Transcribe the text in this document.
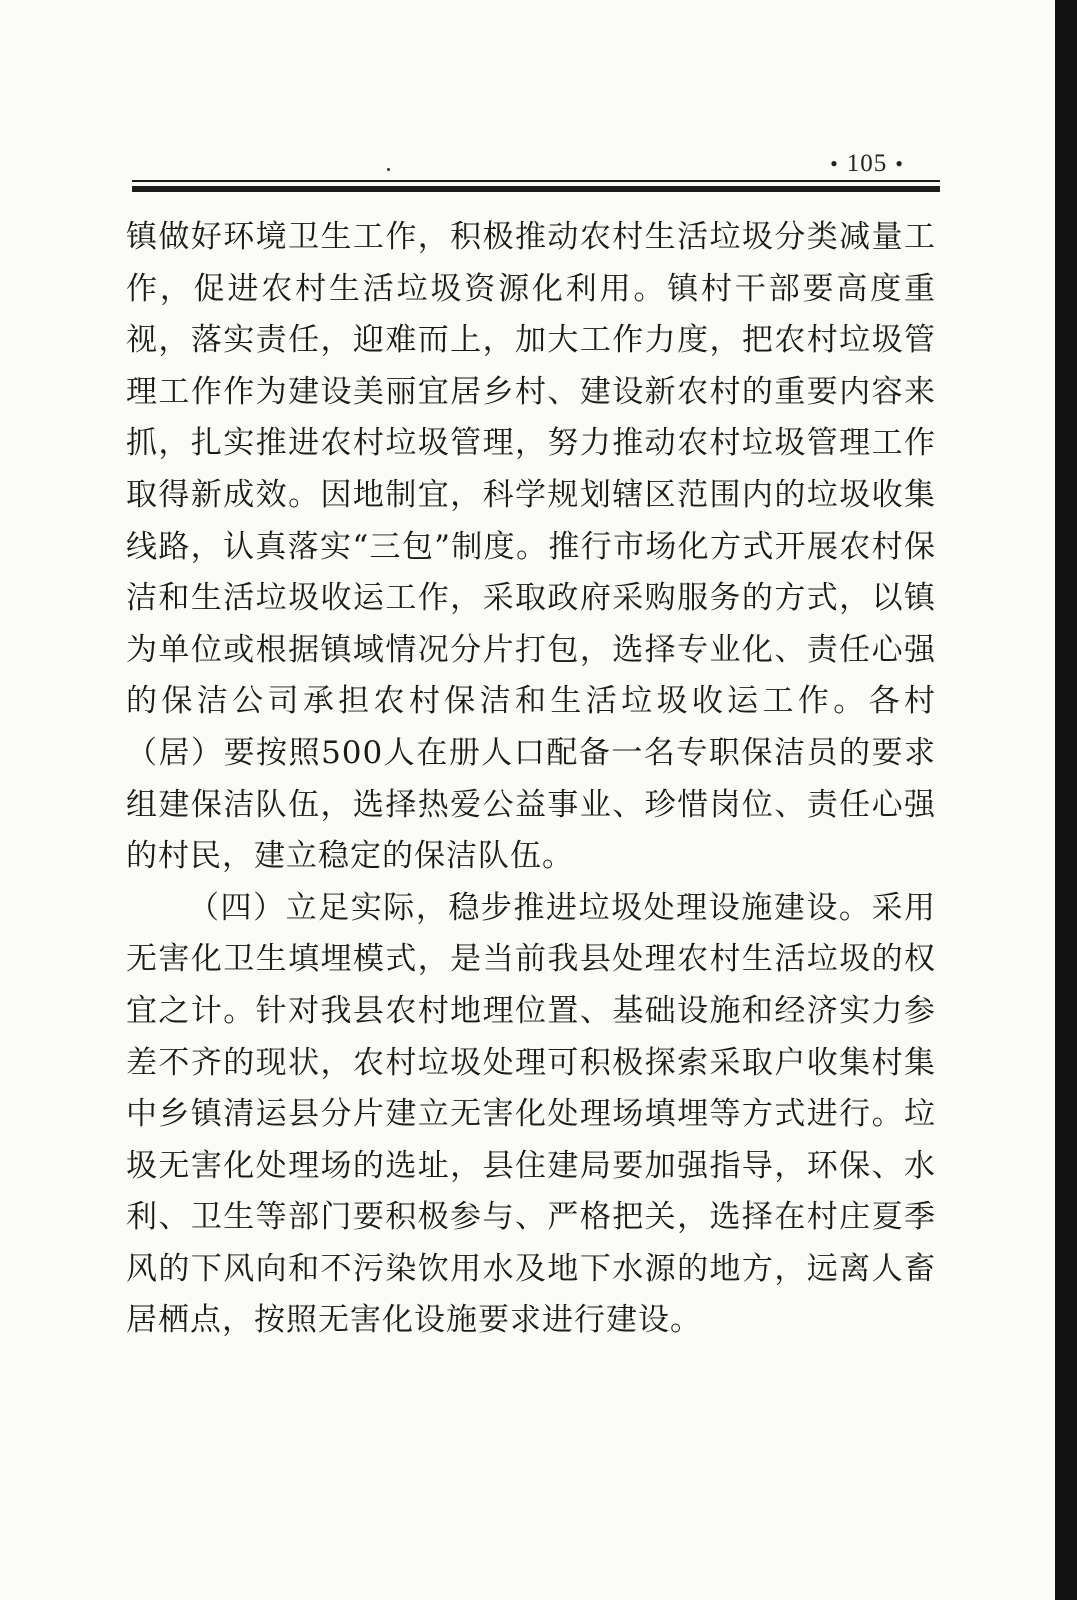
• 105 •

镇做好环境卫生工作，积极推动农村生活垃圾分类减量工作，促进农村生活垃圾资源化利用。镇村干部要高度重视，落实责任，迎难而上，加大工作力度，把农村垃圾管理工作作为建设美丽宜居乡村、建设新农村的重要内容来抓，扎实推进农村垃圾管理，努力推动农村垃圾管理工作取得新成效。因地制宜，科学规划辖区范围内的垃圾收集线路，认真落实“三包”制度。推行市场化方式开展农村保洁和生活垃圾收运工作，采取政府采购服务的方式，以镇为单位或根据镇域情况分片打包，选择专业化、责任心强的保洁公司承担农村保洁和生活垃圾收运工作。各村（居）要按照500人在册人口配备一名专职保洁员的要求组建保洁队伍，选择热爱公益事业、珍惜岗位、责任心强的村民，建立稳定的保洁队伍。

（四）立足实际，稳步推进垃圾处理设施建设。采用无害化卫生填埋模式，是当前我县处理农村生活垃圾的权宜之计。针对我县农村地理位置、基础设施和经济实力参差不齐的现状，农村垃圾处理可积极探索采取户收集村集中乡镇清运县分片建立无害化处理场填埋等方式进行。垃圾无害化处理场的选址，县住建局要加强指导，环保、水利、卫生等部门要积极参与、严格把关，选择在村庄夏季风的下风向和不污染饮用水及地下水源的地方，远离人畜居栖点，按照无害化设施要求进行建设。
